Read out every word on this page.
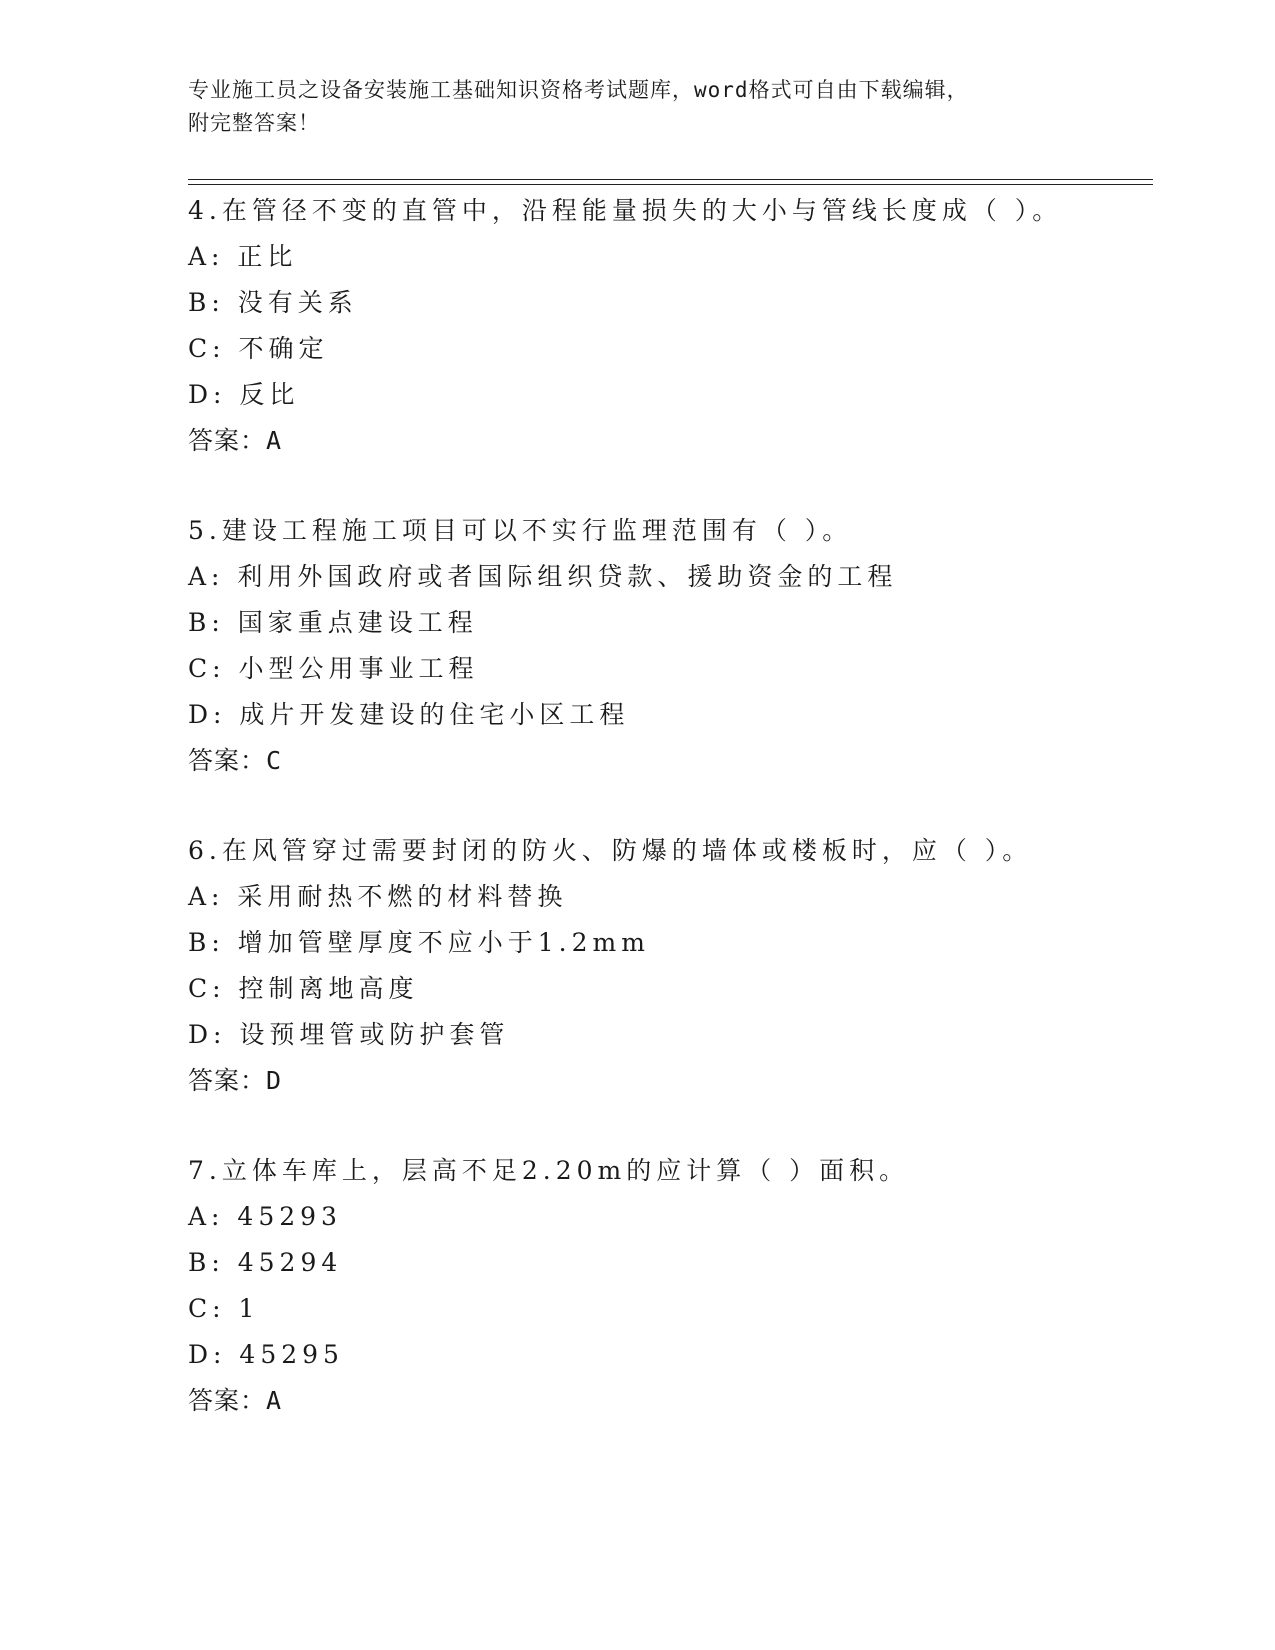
专业施工员之设备安装施工基础知识资格考试题库，word格式可自由下载编辑，
附完整答案！
4.在管径不变的直管中，沿程能量损失的大小与管线长度成（ ）。
A: 正比
B: 没有关系
C: 不确定
D: 反比
答案：A
5.建设工程施工项目可以不实行监理范围有（ ）。
A: 利用外国政府或者国际组织贷款、援助资金的工程
B: 国家重点建设工程
C: 小型公用事业工程
D: 成片开发建设的住宅小区工程
答案：C
6.在风管穿过需要封闭的防火、防爆的墙体或楼板时，应（ ）。
A: 采用耐热不燃的材料替换
B: 增加管壁厚度不应小于1.2mm
C: 控制离地高度
D: 设预埋管或防护套管
答案：D
7.立体车库上，层高不足2.20m的应计算（ ）面积。
A: 45293
B: 45294
C: 1
D: 45295
答案：A
